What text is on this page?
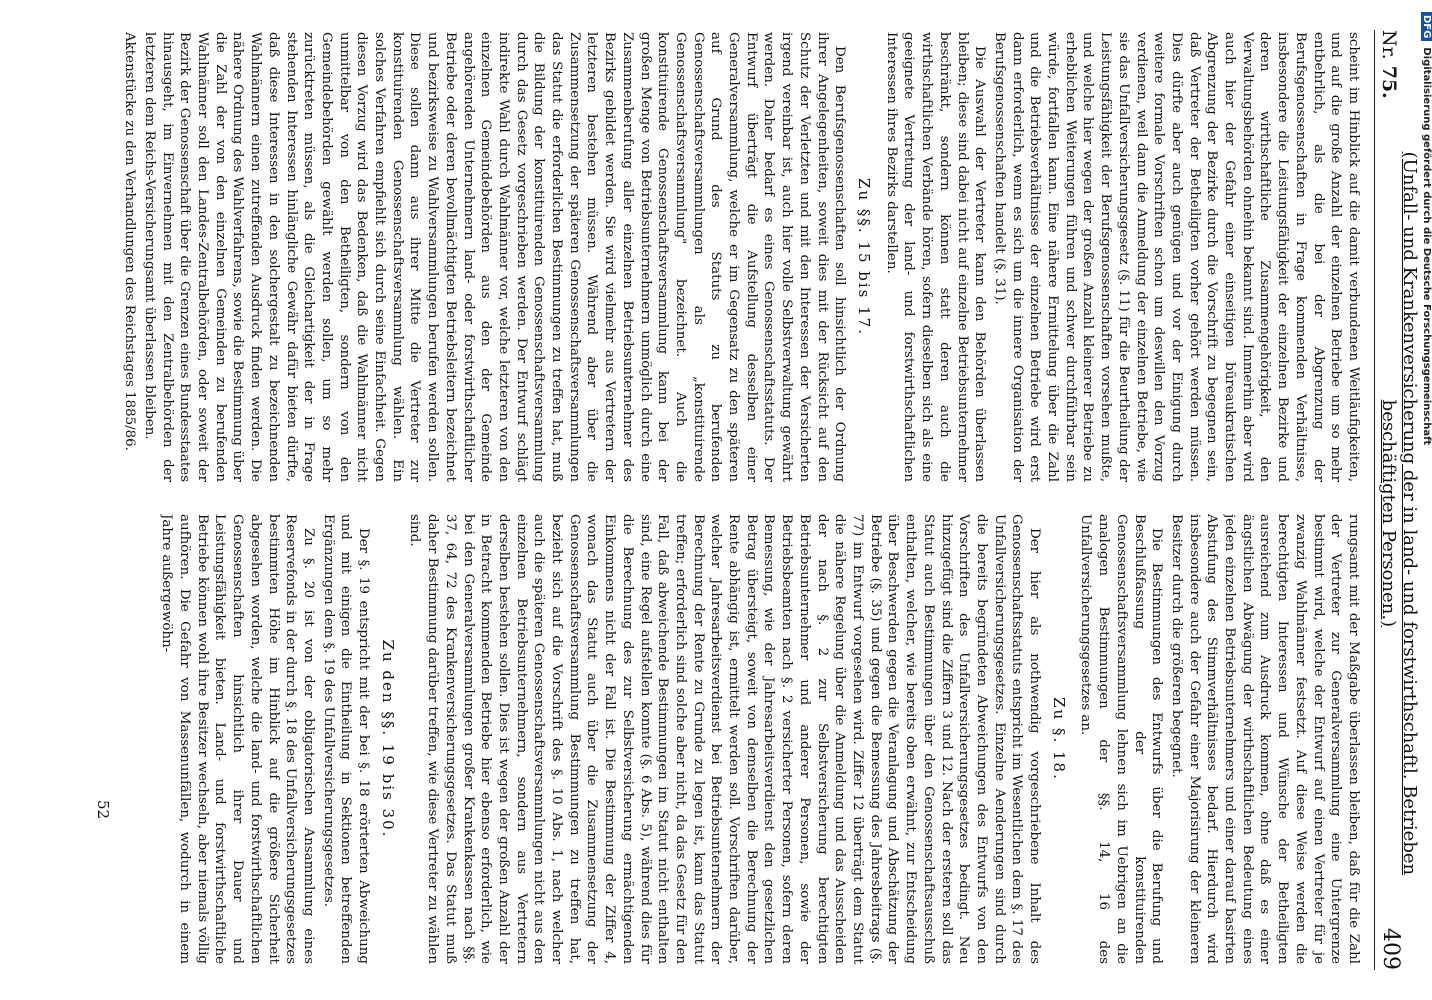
Nr. 75.
(Unfall- und Krankenversicherung der in land- und forstwirthschaftl. Betrieben beschäftigten Personen.)
409

scheint im Hinblick auf die damit verbundenen Weitläufigkeiten, und auf die große Anzahl der einzelnen Betriebe um so mehr entbehrlich, als die bei der Abgrenzung der Berufsgenossenschaften in Frage kommenden Verhältnisse, insbesondere die Leistungsfähigkeit der einzelnen Bezirke und deren wirthschaftliche Zusammengehörigkeit, den Verwaltungsbehörden ohnehin bekannt sind. Immerhin aber wird auch hier der Gefahr einer einseitigen büreaukratischen Abgrenzung der Bezirke durch die Vorschrift zu begegnen sein, daß Vertreter der Betheiligten vorher gehört werden müssen. Dies dürfte aber auch genügen und vor der Einigung durch weitere formale Vorschriften schon um deswillen den Vorzug verdienen, weil dann die Anmeldung der einzelnen Betriebe, wie sie das Unfallversicherungsgesetz (§. 11) für die Beurtheilung der Leistungsfähigkeit der Berufsgenossenschaften vorsehen mußte, und welche hier wegen der großen Anzahl kleinerer Betriebe zu erheblichen Weiterungen führen und schwer durchführbar sein würde, fortfallen kann. Eine nähere Ermittelung über die Zahl und die Betriebsverhältnisse der einzelnen Betriebe wird erst dann erforderlich, wenn es sich um die innere Organisation der Berufsgenossenschaften handelt (§. 31).

Die Auswahl der Vertreter kann den Behörden überlassen bleiben; diese sind dabei nicht auf einzelne Betriebsunternehmer beschränkt, sondern können statt deren auch die wirthschaftlichen Verbände hören, sofern dieselben sich als eine geeignete Vertretung der land- und forstwirthschaftlichen Interessen ihres Bezirks darstellen.

Zu §§. 15 bis 17.

Den Berufsgenossenschaften soll hinsichtlich der Ordnung ihrer Angelegenheiten, soweit dies mit der Rücksicht auf den Schutz der Verletzten und mit den Interessen der Versicherten irgend vereinbar ist, auch hier volle Selbstverwaltung gewährt werden. Daher bedarf es eines Genossenschaftsstatuts. Der Entwurf überträgt die Aufstellung desselben einer Generalversammlung, welche er im Gegensatz zu den späteren auf Grund des Statuts zu berufenden Genossenschaftsversammlungen als „konstituirende Genossenschaftsversammlung" bezeichnet. Auch die konstituirende Genossenschaftsversammlung kann bei der großen Menge von Betriebsunternehmern unmöglich durch eine Zusammenberufung aller einzelnen Betriebsunternehmer des Bezirks gebildet werden. Sie wird vielmehr aus Vertretern der letzteren bestehen müssen. Während aber über die Zusammensetzung der späteren Genossenschaftsversammlungen das Statut die erforderlichen Bestimmungen zu treffen hat, muß die Bildung der konstituirenden Genossenschaftsversammlung durch das Gesetz vorgeschrieben werden. Der Entwurf schlägt indirekte Wahl durch Wahlmänner vor, welche letzteren von den einzelnen Gemeindebehörden aus den der Gemeinde angehörenden Unternehmern land- oder forstwirthschaftlicher Betriebe oder deren bevollmächtigten Betriebsleitern bezeichnet und bezirksweise zu Wahlversammlungen berufen werden sollen. Diese sollen dann aus ihrer Mitte die Vertreter zur konstituirenden Genossenschaftsversammlung wählen. Ein solches Verfahren empfiehlt sich durch seine Einfachheit. Gegen diesen Vorzug wird das Bedenken, daß die Wahlmänner nicht unmittelbar von den Betheiligten, sondern von den Gemeindebehörden gewählt werden sollen, um so mehr zurücktreten müssen, als die Gleichartigkeit der in Frage stehenden Interessen hinlängliche Gewähr dafür bieten dürfte, daß diese Interessen in den solchergestalt zu bezeichnenden Wahlmännern einen zutreffenden Ausdruck finden werden. Die nähere Ordnung des Wahlverfahrens, sowie die Bestimmung über die Zahl der von den einzelnen Gemeinden zu berufenden Wahlmänner soll den Landes-Zentralbehörden, oder soweit der Bezirk der Genossenschaft über die Grenzen eines Bundesstaates hinausgeht, im Einvernehmen mit den Zentralbehörden der letzteren dem Reichs-Versicherungsamt überlassen bleiben.

Aktenstücke zu den Verhandlungen des Reichstages 1885/86.

rungsamt mit der Maßgabe überlassen bleiben, daß für die Zahl der Vertreter zur Generalversammlung eine Untergrenze bestimmt wird, welche der Entwurf auf einen Vertreter für je zwanzig Wahlmänner festsetzt. Auf diese Weise werden die berechtigten Interessen und Wünsche der Betheiligten ausreichend zum Ausdruck kommen, ohne daß es einer ängstlichen Abwägung der wirthschaftlichen Bedeutung eines jeden einzelnen Betriebsunternehmers und einer darauf basirten Abstufung des Stimmverhältnisses bedarf. Hierdurch wird insbesondere auch der Gefahr einer Majorisirung der kleineren Besitzer durch die größeren begegnet.

Die Bestimmungen des Entwurfs über die Berufung und Beschlußfassung der konstituirenden Genossenschaftsversammlung lehnen sich im Uebrigen an die analogen Bestimmungen der §§. 14, 16 des Unfallversicherungsgesetzes an.

Zu §. 18.

Der hier als nothwendig vorgeschriebene Inhalt des Genossenschaftsstatuts entspricht im Wesentlichen dem §. 17 des Unfallversicherungsgesetzes. Einzelne Aenderungen sind durch die bereits begründeten Abweichungen des Entwurfs von den Vorschriften des Unfallversicherungsgesetzes bedingt. Neu hinzugefügt sind die Ziffern 3 und 12. Nach der ersteren soll das Statut auch Bestimmungen über den Genossenschaftsausschuß enthalten, welcher, wie bereits oben erwähnt, zur Entscheidung über Beschwerden gegen die Veranlagung und Abschätzung der Betriebe (§. 35) und gegen die Bemessung des Jahresbeitrags (§. 77) im Entwurf vorgesehen wird. Ziffer 12 überträgt dem Statut die nähere Regelung über die Anmeldung und das Ausscheiden der nach §. 2 zur Selbstversicherung berechtigten Betriebsunternehmer und anderer Personen, sowie der Betriebsbeamten nach §. 2 versicherter Personen, sofern deren Bemessung, wie der Jahresarbeitsverdienst den gesetzlichen Betrag übersteigt, soweit von demselben die Berechnung der Rente abhängig ist, ermittelt werden soll. Vorschriften darüber, welcher Jahresarbeitsverdienst bei Betriebsunternehmern der Berechnung der Rente zu Grunde zu legen ist, kann das Statut treffen; erforderlich sind solche aber nicht, da das Gesetz für den Fall, daß abweichende Bestimmungen im Statut nicht enthalten sind, eine Regel aufstellen konnte (§. 6 Abs. 5), während dies für die Berechnung des zur Selbstversicherung ermächtigenden Einkommens nicht der Fall ist. Die Bestimmung der Ziffer 4, wonach das Statut auch über die Zusammensetzung der Genossenschaftsversammlung Bestimmungen zu treffen hat, bezieht sich auf die Vorschrift des §. 10 Abs. 1, nach welcher auch die späteren Genossenschaftsversammlungen nicht aus den einzelnen Betriebsunternehmern, sondern aus Vertretern derselben bestehen sollen. Dies ist wegen der großen Anzahl der in Betracht kommenden Betriebe hier ebenso erforderlich, wie bei den Generalversammlungen großer Krankenkassen nach §§. 37, 64, 72 des Krankenversicherungsgesetzes. Das Statut muß daher Bestimmung darüber treffen, wie diese Vertreter zu wählen sind.

Zu den §§. 19 bis 30.

Der §. 19 entspricht mit der bei §. 18 erörterten Abweichung und mit einigen die Eintheilung in Sektionen betreffenden Ergänzungen dem §. 19 des Unfallversicherungsgesetzes.

Zu §. 20 ist von der obligatorischen Ansammlung eines Reservefonds in der durch §. 18 des Unfallversicherungsgesetzes bestimmten Höhe im Hinblick auf die größere Sicherheit abgesehen worden, welche die land- und forstwirthschaftlichen Genossenschaften hinsichtlich ihrer Dauer und Leistungsfähigkeit bieten. Land- und forstwirthschaftliche Betriebe können wohl ihre Besitzer wechseln, aber niemals völlig aufhören. Die Gefahr von Massenunfällen, wodurch in einem Jahre außergewöhn-

52
DFGDigitalisierung gefördert durch die Deutsche Forschungsgemeinschaft
